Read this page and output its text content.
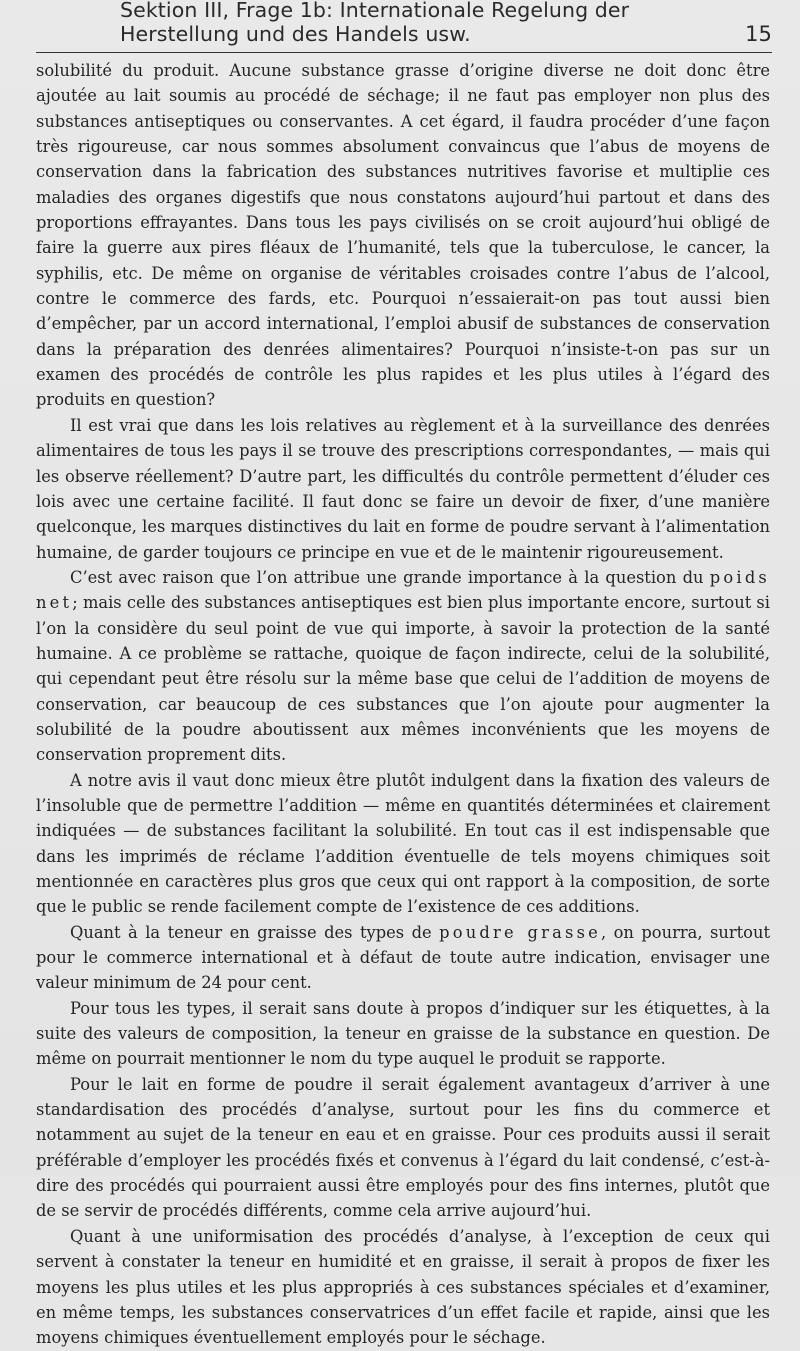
Sektion III, Frage 1b: Internationale Regelung der Herstellung und des Handels usw.	15

solubilité du produit. Aucune substance grasse d’origine diverse ne doit donc être ajoutée au lait soumis au procédé de séchage; il ne faut pas employer non plus des substances antiseptiques ou conservantes. A cet égard, il faudra procéder d’une façon très rigoureuse, car nous sommes absolument convaincus que l’abus de moyens de conservation dans la fabrication des substances nutritives favorise et multiplie ces maladies des organes digestifs que nous constatons aujourd’hui partout et dans des proportions effrayantes. Dans tous les pays civilisés on se croit aujourd’hui obligé de faire la guerre aux pires fléaux de l’humanité, tels que la tuberculose, le cancer, la syphilis, etc. De même on organise de véritables croisades contre l’abus de l’alcool, contre le commerce des fards, etc. Pourquoi n’essaierait-on pas tout aussi bien d’empêcher, par un accord international, l’emploi abusif de substances de conservation dans la préparation des denrées alimentaires? Pourquoi n’insiste-t-on pas sur un examen des procédés de contrôle les plus rapides et les plus utiles à l’égard des produits en question?

Il est vrai que dans les lois relatives au règlement et à la surveillance des denrées alimentaires de tous les pays il se trouve des prescriptions correspondantes, — mais qui les observe réellement? D’autre part, les difficultés du contrôle permettent d’éluder ces lois avec une certaine facilité. Il faut donc se faire un devoir de fixer, d’une manière quelconque, les marques distinctives du lait en forme de poudre servant à l’alimentation humaine, de garder toujours ce principe en vue et de le maintenir rigoureusement.

C’est avec raison que l’on attribue une grande importance à la question du poids net; mais celle des substances antiseptiques est bien plus importante encore, surtout si l’on la considère du seul point de vue qui importe, à savoir la protection de la santé humaine. A ce problème se rattache, quoique de façon indirecte, celui de la solubilité, qui cependant peut être résolu sur la même base que celui de l’addition de moyens de conservation, car beaucoup de ces substances que l’on ajoute pour augmenter la solubilité de la poudre aboutissent aux mêmes inconvénients que les moyens de conservation proprement dits.

A notre avis il vaut donc mieux être plutôt indulgent dans la fixation des valeurs de l’insoluble que de permettre l’addition — même en quantités déterminées et clairement indiquées — de substances facilitant la solubilité. En tout cas il est indispensable que dans les imprimés de réclame l’addition éventuelle de tels moyens chimiques soit mentionnée en caractères plus gros que ceux qui ont rapport à la composition, de sorte que le public se rende facilement compte de l’existence de ces additions.

Quant à la teneur en graisse des types de poudre grasse, on pourra, surtout pour le commerce international et à défaut de toute autre indication, envisager une valeur minimum de 24 pour cent.

Pour tous les types, il serait sans doute à propos d’indiquer sur les étiquettes, à la suite des valeurs de composition, la teneur en graisse de la substance en question. De même on pourrait mentionner le nom du type auquel le produit se rapporte.

Pour le lait en forme de poudre il serait également avantageux d’arriver à une standardisation des procédés d’analyse, surtout pour les fins du commerce et notamment au sujet de la teneur en eau et en graisse. Pour ces produits aussi il serait préférable d’employer les procédés fixés et convenus à l’égard du lait condensé, c’est-à-dire des procédés qui pourraient aussi être employés pour des fins internes, plutôt que de se servir de procédés différents, comme cela arrive aujourd’hui.

Quant à une uniformisation des procédés d’analyse, à l’exception de ceux qui servent à constater la teneur en humidité et en graisse, il serait à propos de fixer les moyens les plus utiles et les plus appropriés à ces substances spéciales et d’examiner, en même temps, les substances conservatrices d’un effet facile et rapide, ainsi que les moyens chimiques éventuellement employés pour le séchage.
